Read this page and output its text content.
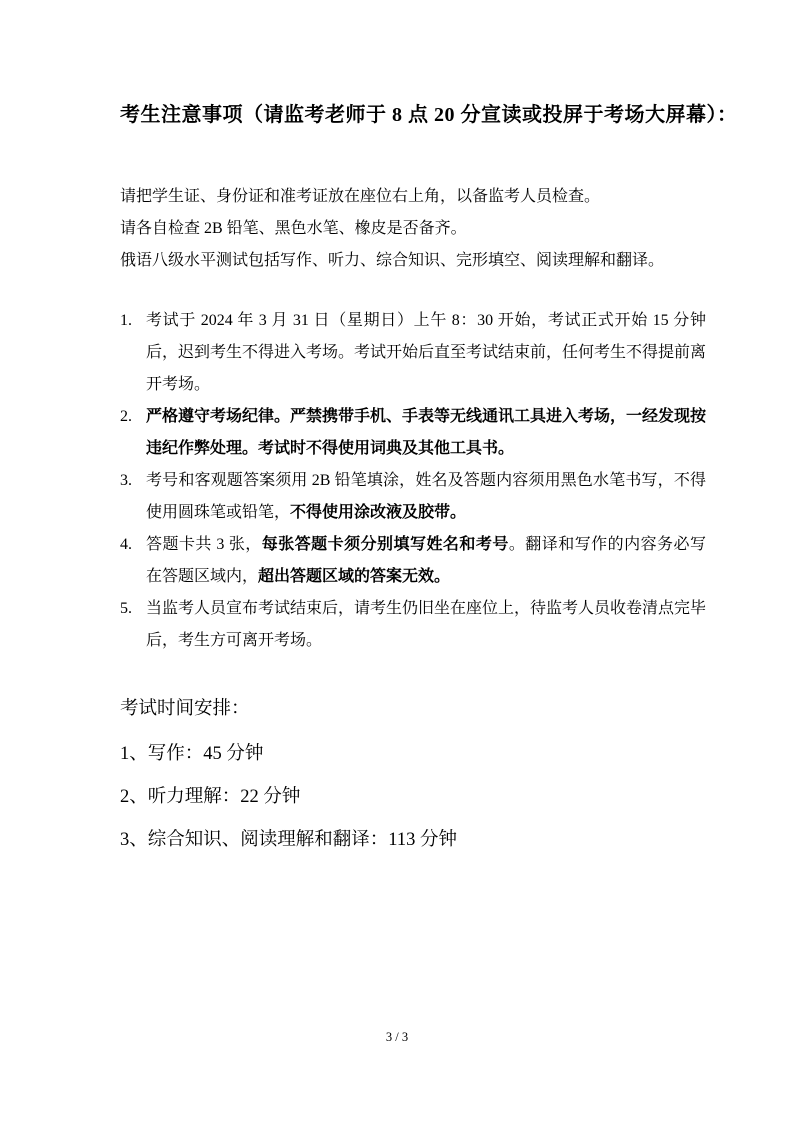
考生注意事项（请监考老师于 8 点 20 分宣读或投屏于考场大屏幕）：

请把学生证、身份证和准考证放在座位右上角，以备监考人员检查。

请各自检查 2B 铅笔、黑色水笔、橡皮是否备齐。

俄语八级水平测试包括写作、听力、综合知识、完形填空、阅读理解和翻译。

1. 考试于 2024 年 3 月 31 日（星期日）上午 8：30 开始，考试正式开始 15 分钟后，迟到考生不得进入考场。考试开始后直至考试结束前，任何考生不得提前离开考场。
2. 严格遵守考场纪律。严禁携带手机、手表等无线通讯工具进入考场，一经发现按违纪作弊处理。考试时不得使用词典及其他工具书。
3. 考号和客观题答案须用 2B 铅笔填涂，姓名及答题内容须用黑色水笔书写，不得使用圆珠笔或铅笔，不得使用涂改液及胶带。
4. 答题卡共 3 张，每张答题卡须分别填写姓名和考号。翻译和写作的内容务必写在答题区域内，超出答题区域的答案无效。
5. 当监考人员宣布考试结束后，请考生仍旧坐在座位上，待监考人员收卷清点完毕后，考生方可离开考场。

考试时间安排：

1、写作：45 分钟
2、听力理解：22 分钟
3、综合知识、阅读理解和翻译：113 分钟
3 / 3
